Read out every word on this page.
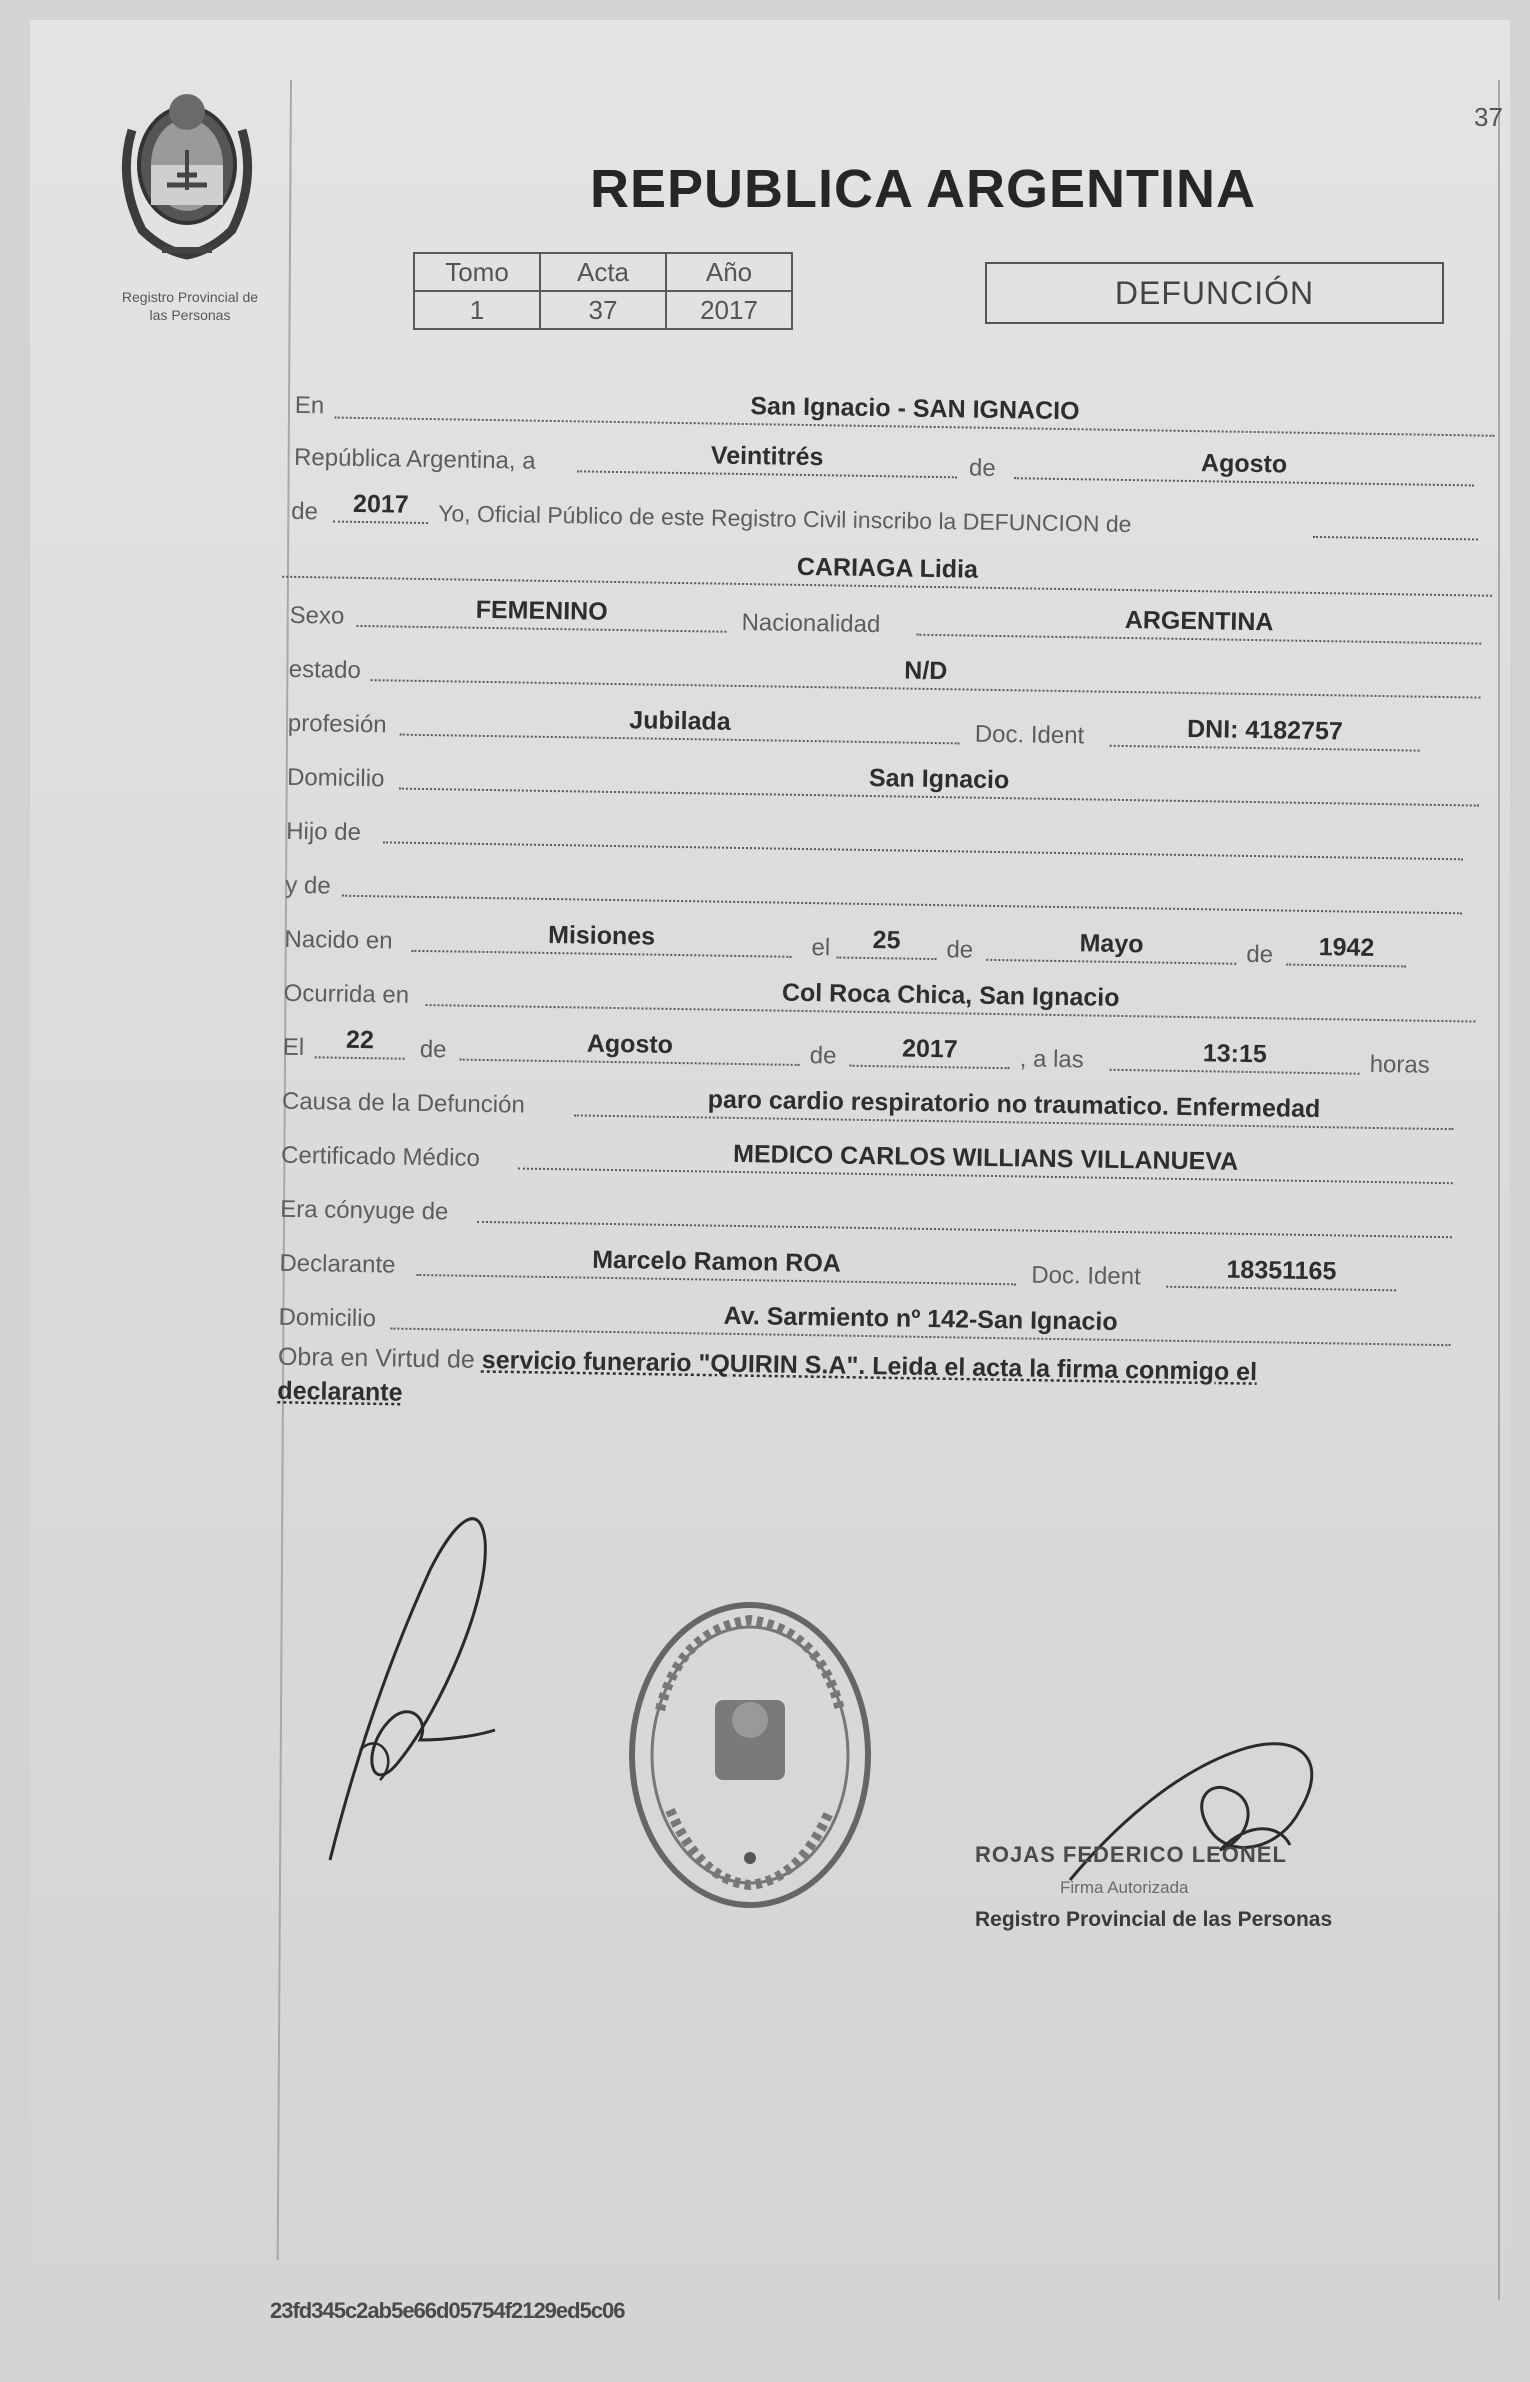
37
Registro Provincial de
las Personas
REPUBLICA ARGENTINA
Tomo	Acta	Año
1	37	2017	DEFUNCIÓN
En	San Ignacio - SAN IGNACIO
República Argentina, a	Veintitrés	de	Agosto
de	2017	Yo, Oficial Público de este Registro Civil inscribo la DEFUNCION de
CARIAGA Lidia
Sexo	FEMENINO	Nacionalidad	ARGENTINA
estado	N/D
profesión	Jubilada	Doc. Ident	DNI: 4182757
Domicilio	San Ignacio
Hijo de
y de
Nacido en	Misiones	el	25	de	Mayo	de	1942
Ocurrida en	Col Roca Chica, San Ignacio
El	22	de	Agosto	de	2017	, a las	13:15	horas
Causa de la Defunción	paro cardio respiratorio no traumatico. Enfermedad
Certificado Médico	MEDICO CARLOS WILLIANS VILLANUEVA
Era cónyuge de
Declarante	Marcelo Ramon ROA	Doc. Ident	18351165
Domicilio	Av. Sarmiento nº 142-San Ignacio
Obra en Virtud de servicio funerario "QUIRIN S.A". Leida el acta la firma conmigo el
declarante
ROJAS FEDERICO LEONEL
Firma Autorizada
Registro Provincial de las Personas
23fd345c2ab5e66d05754f2129ed5c06
